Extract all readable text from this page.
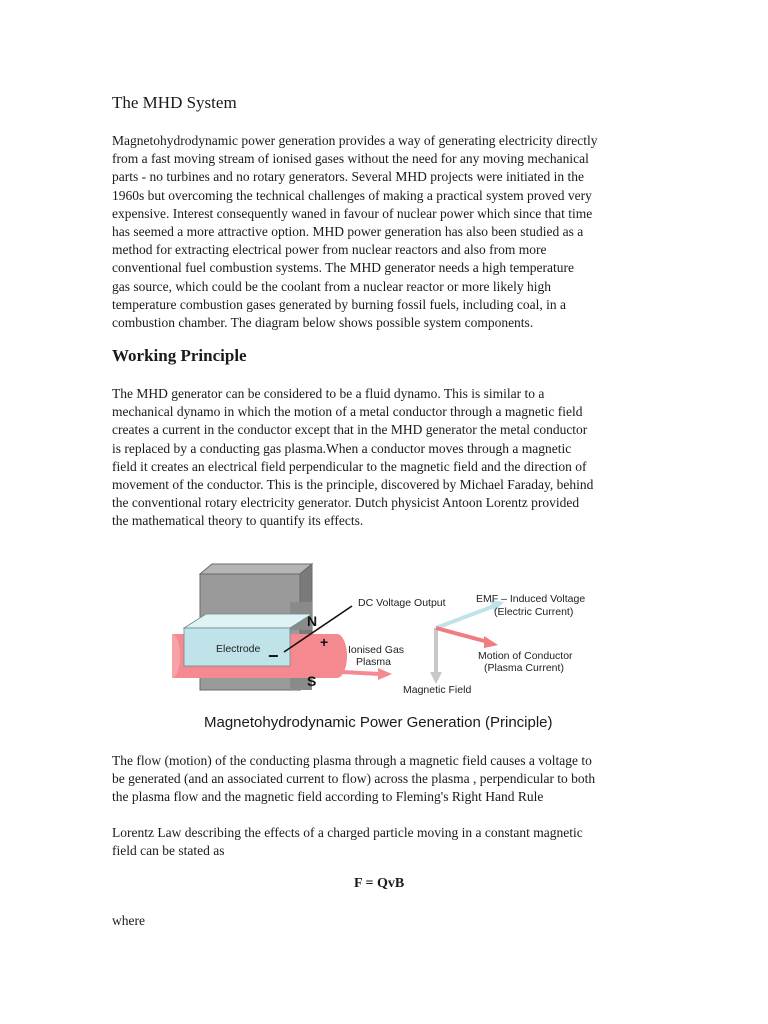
The MHD System

Magnetohydrodynamic power generation provides a way of generating electricity directly
from a fast moving stream of ionised gases without the need for any moving mechanical
parts - no turbines and no rotary generators. Several MHD projects were initiated in the
1960s but overcoming the technical challenges of making a practical system proved very
expensive. Interest consequently waned in favour of nuclear power which since that time
has seemed a more attractive option. MHD power generation has also been studied as a
method for extracting electrical power from nuclear reactors and also from more
conventional fuel combustion systems. The MHD generator needs a high temperature
gas source, which could be the coolant from a nuclear reactor or more likely high
temperature combustion gases generated by burning fossil fuels, including coal, in a
combustion chamber. The diagram below shows possible system components.

Working Principle

The MHD generator can be considered to be a fluid dynamo. This is similar to a
mechanical dynamo in which the motion of a metal conductor through a magnetic field
creates a current in the conductor except that in the MHD generator the metal conductor
is replaced by a conducting gas plasma.When a conductor moves through a magnetic
field it creates an electrical field perpendicular to the magnetic field and the direction of
movement of the conductor. This is the principle, discovered by Michael Faraday, behind
the conventional rotary electricity generator. Dutch physicist Antoon Lorentz provided
the mathematical theory to quantify its effects.

DC Voltage Output
N
+
−
Electrode
S
Ionised Gas
Plasma
EMF – Induced Voltage
(Electric Current)
Motion of Conductor
(Plasma Current)
Magnetic Field

Magnetohydrodynamic Power Generation (Principle)

The flow (motion) of the conducting plasma through a magnetic field causes a voltage to
be generated (and an associated current to flow) across the plasma , perpendicular to both
the plasma flow and the magnetic field according to Fleming's Right Hand Rule

Lorentz Law describing the effects of a charged particle moving in a constant magnetic
field can be stated as

F = QvB

where
